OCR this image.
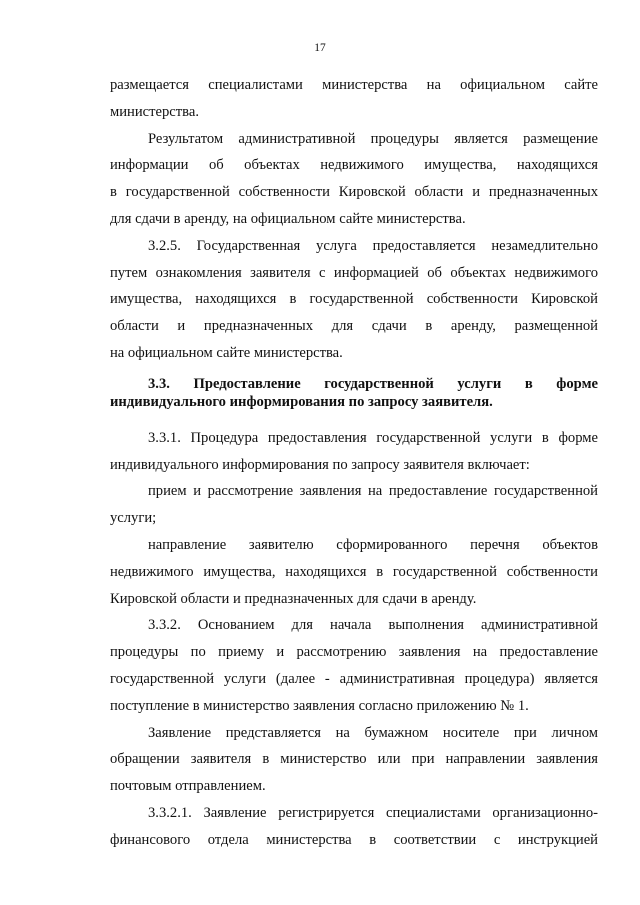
17
размещается специалистами министерства на официальном сайте
министерства.
Результатом административной процедуры является размещение
информации об объектах недвижимого имущества, находящихся
в государственной собственности Кировской области и предназначенных
для сдачи в аренду, на официальном сайте министерства.
3.2.5. Государственная услуга предоставляется незамедлительно
путем ознакомления заявителя с информацией об объектах недвижимого
имущества, находящихся в государственной собственности Кировской
области и предназначенных для сдачи в аренду, размещенной
на официальном сайте министерства.
3.3. Предоставление государственной услуги в форме
индивидуального информирования по запросу заявителя.
3.3.1. Процедура предоставления государственной услуги в форме
индивидуального информирования по запросу заявителя включает:
прием и рассмотрение заявления на предоставление государственной
услуги;
направление заявителю сформированного перечня объектов
недвижимого имущества, находящихся в государственной собственности
Кировской области и предназначенных для сдачи в аренду.
3.3.2. Основанием для начала выполнения административной
процедуры по приему и рассмотрению заявления на предоставление
государственной услуги (далее - административная процедура) является
поступление в министерство заявления согласно приложению № 1.
Заявление представляется на бумажном носителе при личном
обращении заявителя в министерство или при направлении заявления
почтовым отправлением.
3.3.2.1. Заявление регистрируется специалистами организационно-
финансового отдела министерства в соответствии с инструкцией
